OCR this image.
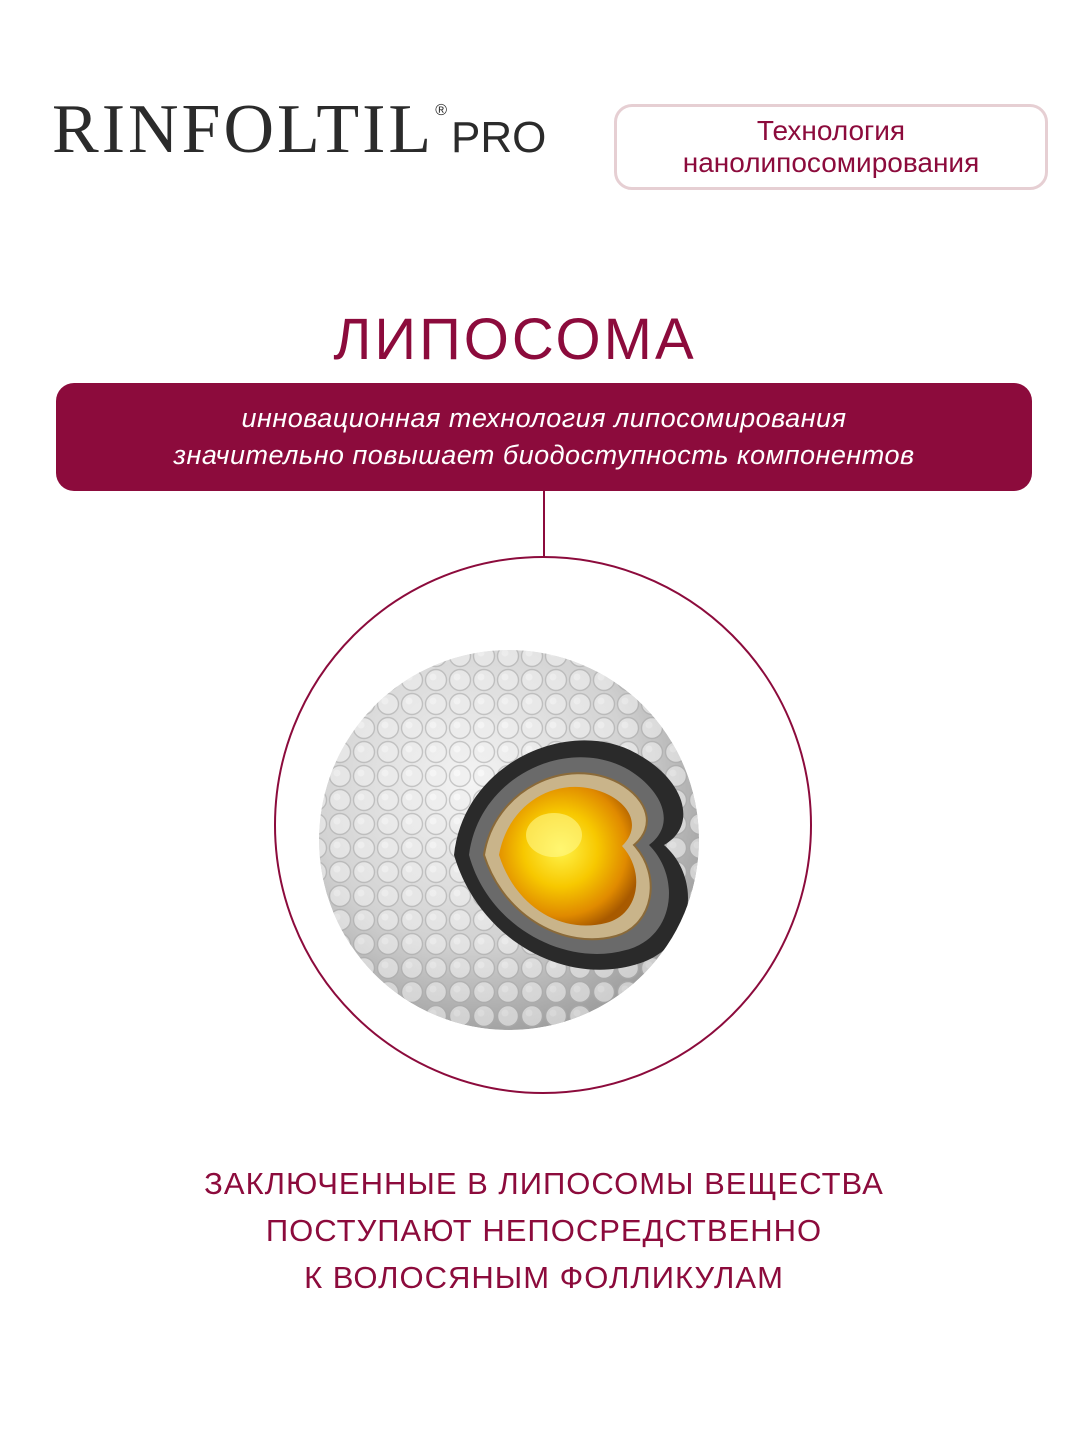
RINFOLTIL ®
PRO	Технология
нанолипосомирования
ЛИПОСОМА
инновационная технология липосомирования
значительно повышает биодоступность компонентов
ЗАКЛЮЧЕННЫЕ В ЛИПОСОМЫ ВЕЩЕСТВА
ПОСТУПАЮТ НЕПОСРЕДСТВЕННО
К ВОЛОСЯНЫМ ФОЛЛИКУЛАМ
